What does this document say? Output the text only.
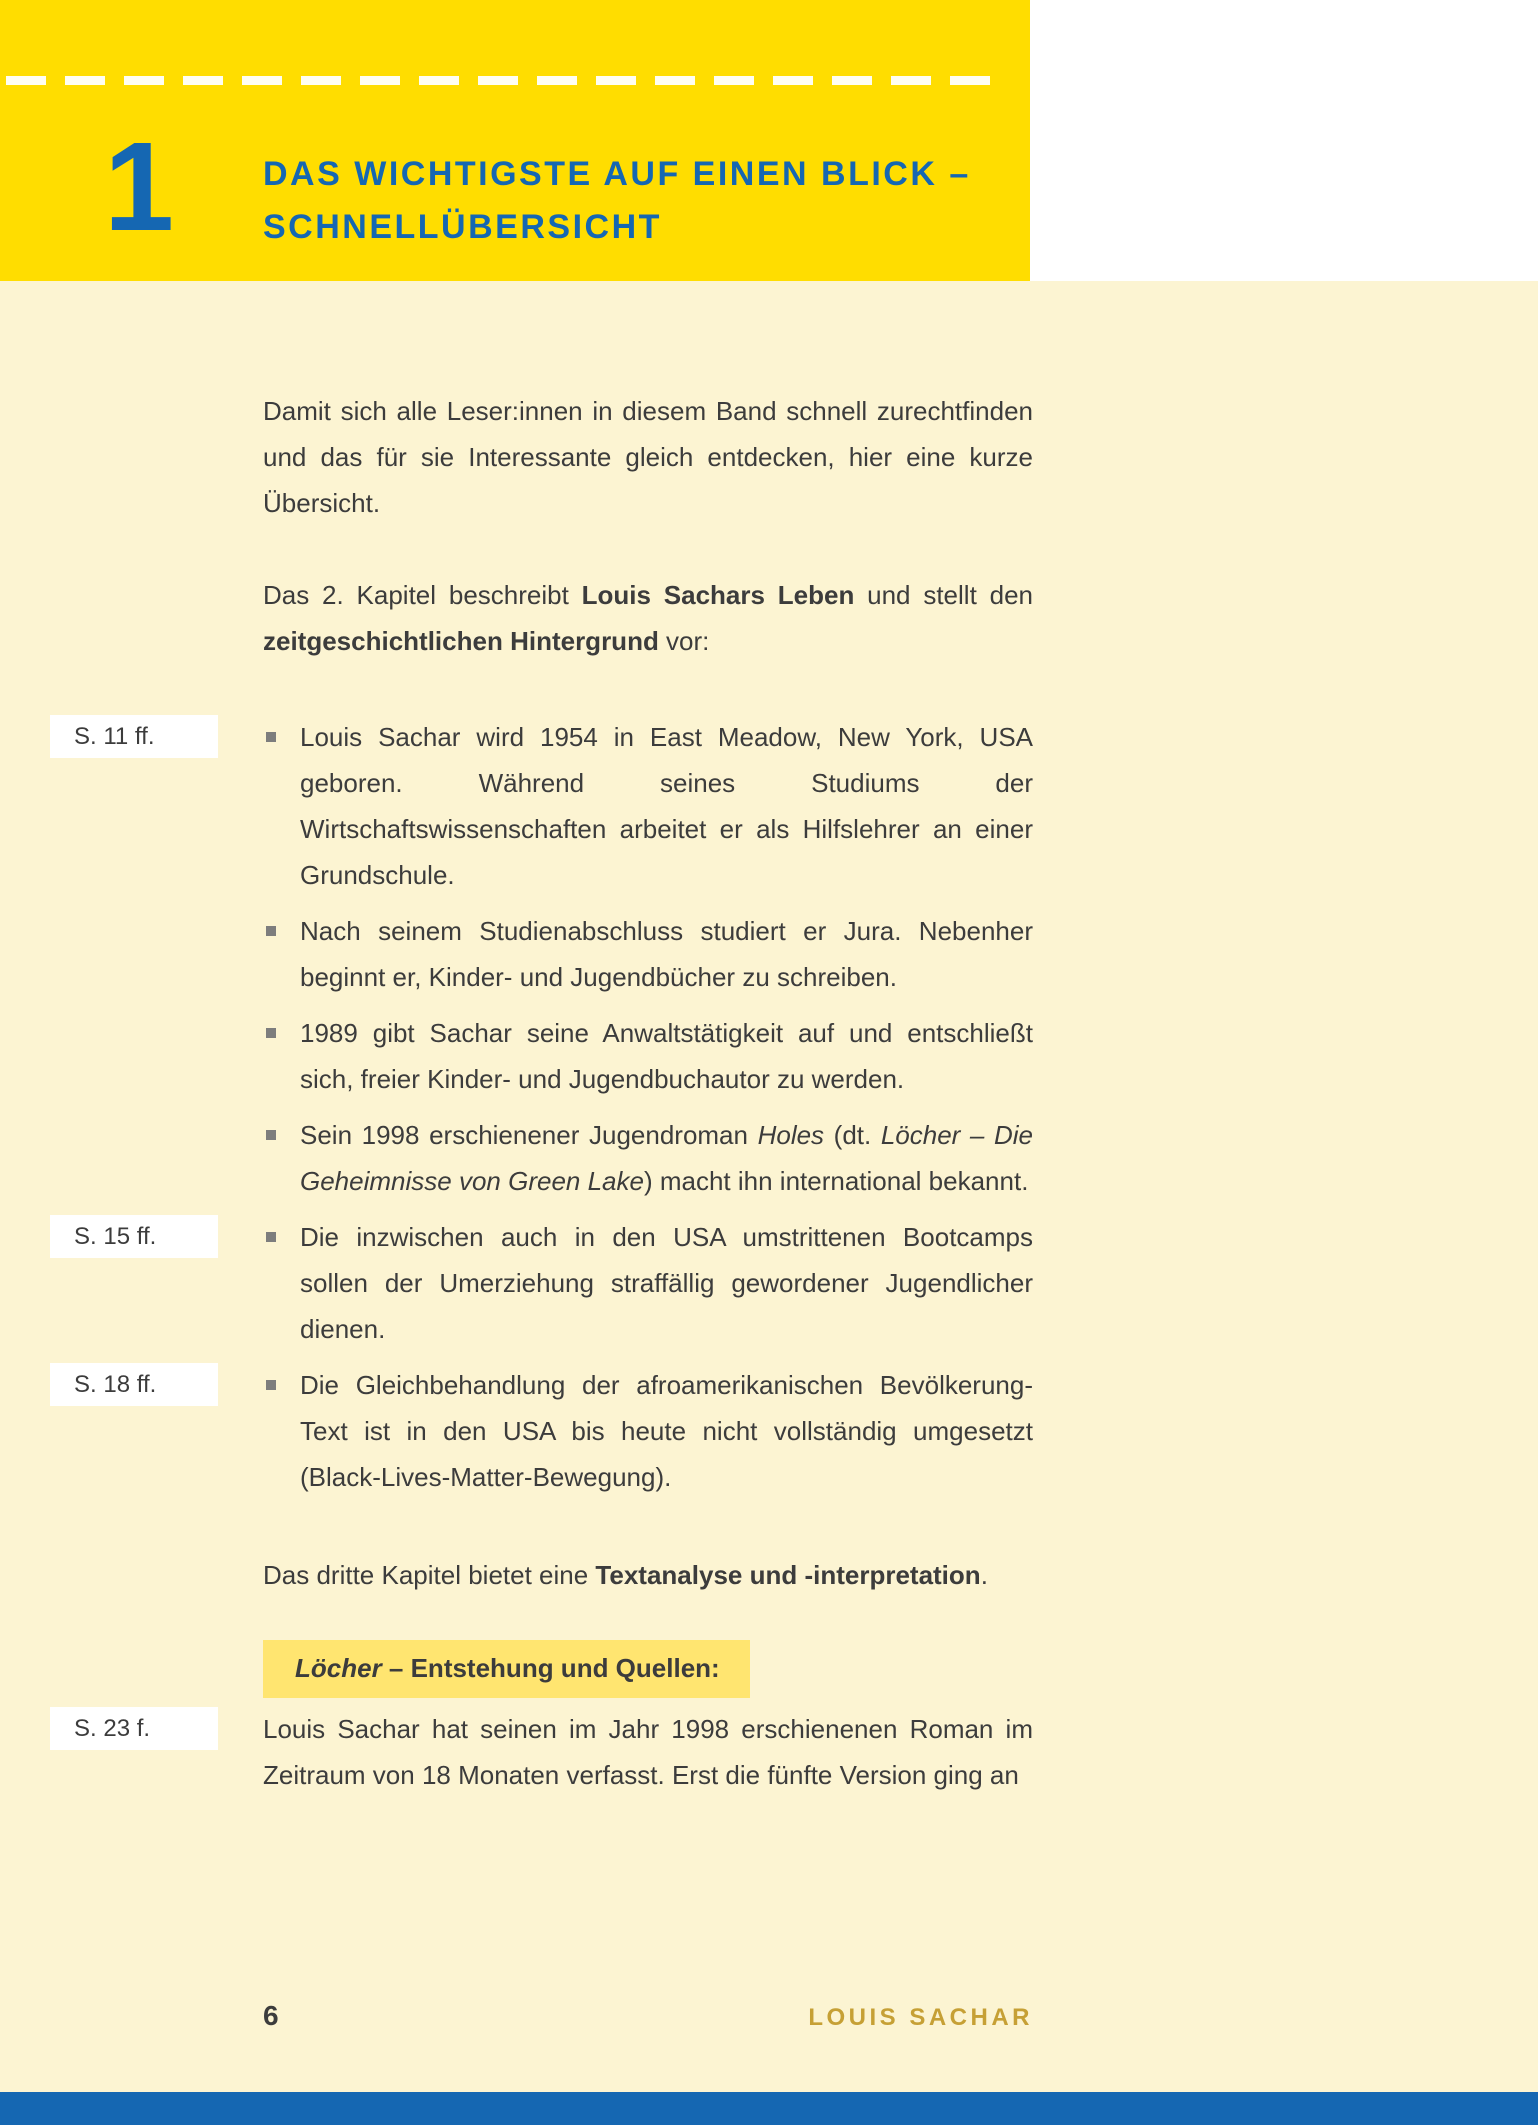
1	DAS WICHTIGSTE AUF EINEN BLICK –
SCHNELLÜBERSICHT

Damit sich alle Leser:innen in diesem Band schnell zurechtfinden und das für sie Interessante gleich entdecken, hier eine kurze Übersicht.

Das 2. Kapitel beschreibt Louis Sachars Leben und stellt den zeitgeschichtlichen Hintergrund vor:

S. 11 ff.	Louis Sachar wird 1954 in East Meadow, New York, USA geboren. Während seines Studiums der Wirtschaftswissenschaften arbeitet er als Hilfslehrer an einer Grundschule.
Nach seinem Studienabschluss studiert er Jura. Nebenher beginnt er, Kinder- und Jugendbücher zu schreiben.
1989 gibt Sachar seine Anwaltstätigkeit auf und entschließt sich, freier Kinder- und Jugendbuchautor zu werden.
Sein 1998 erschienener Jugendroman Holes (dt. Löcher – Die Geheimnisse von Green Lake) macht ihn international bekannt.
S. 15 ff.	Die inzwischen auch in den USA umstrittenen Bootcamps sollen der Umerziehung straffällig gewordener Jugendlicher dienen.
S. 18 ff.	Die Gleichbehandlung der afroamerikanischen Bevölkerung-Text ist in den USA bis heute nicht vollständig umgesetzt (Black-Lives-Matter-Bewegung).

Das dritte Kapitel bietet eine Textanalyse und -interpretation.

Löcher – Entstehung und Quellen:

S. 23 f.	Louis Sachar hat seinen im Jahr 1998 erschienenen Roman im Zeitraum von 18 Monaten verfasst. Erst die fünfte Version ging an

6	LOUIS SACHAR
